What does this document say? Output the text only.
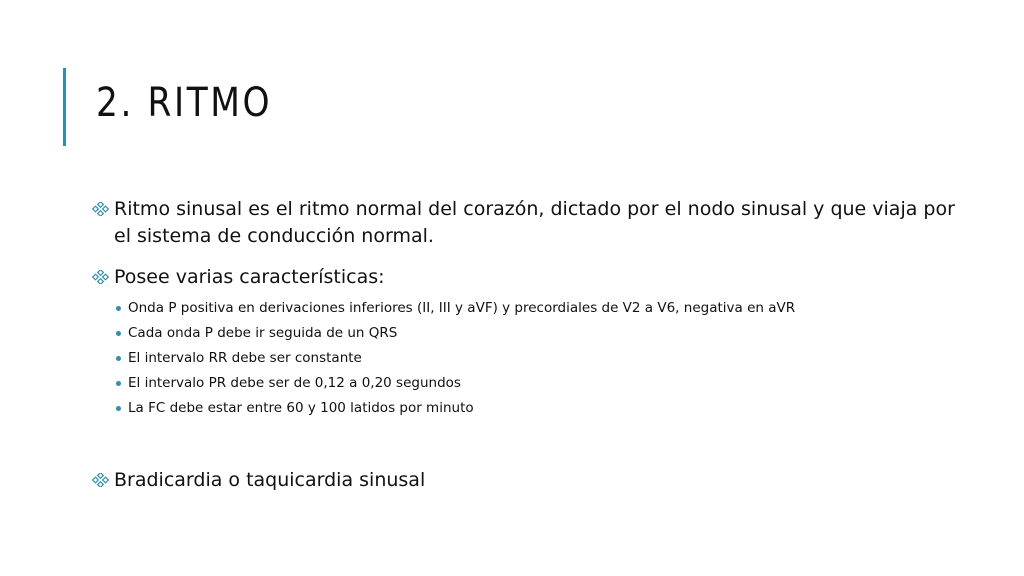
2. RITMO
Ritmo sinusal es el ritmo normal del corazón, dictado por el nodo sinusal y que viaja por el sistema de conducción normal.
Posee varias características:
Onda P positiva en derivaciones inferiores (II, III y aVF) y precordiales de V2 a V6, negativa en aVR
Cada onda P debe ir seguida de un QRS
El intervalo RR debe ser constante
El intervalo PR debe ser de 0,12 a 0,20 segundos
La FC debe estar entre 60 y 100 latidos por minuto
Bradicardia o taquicardia sinusal
